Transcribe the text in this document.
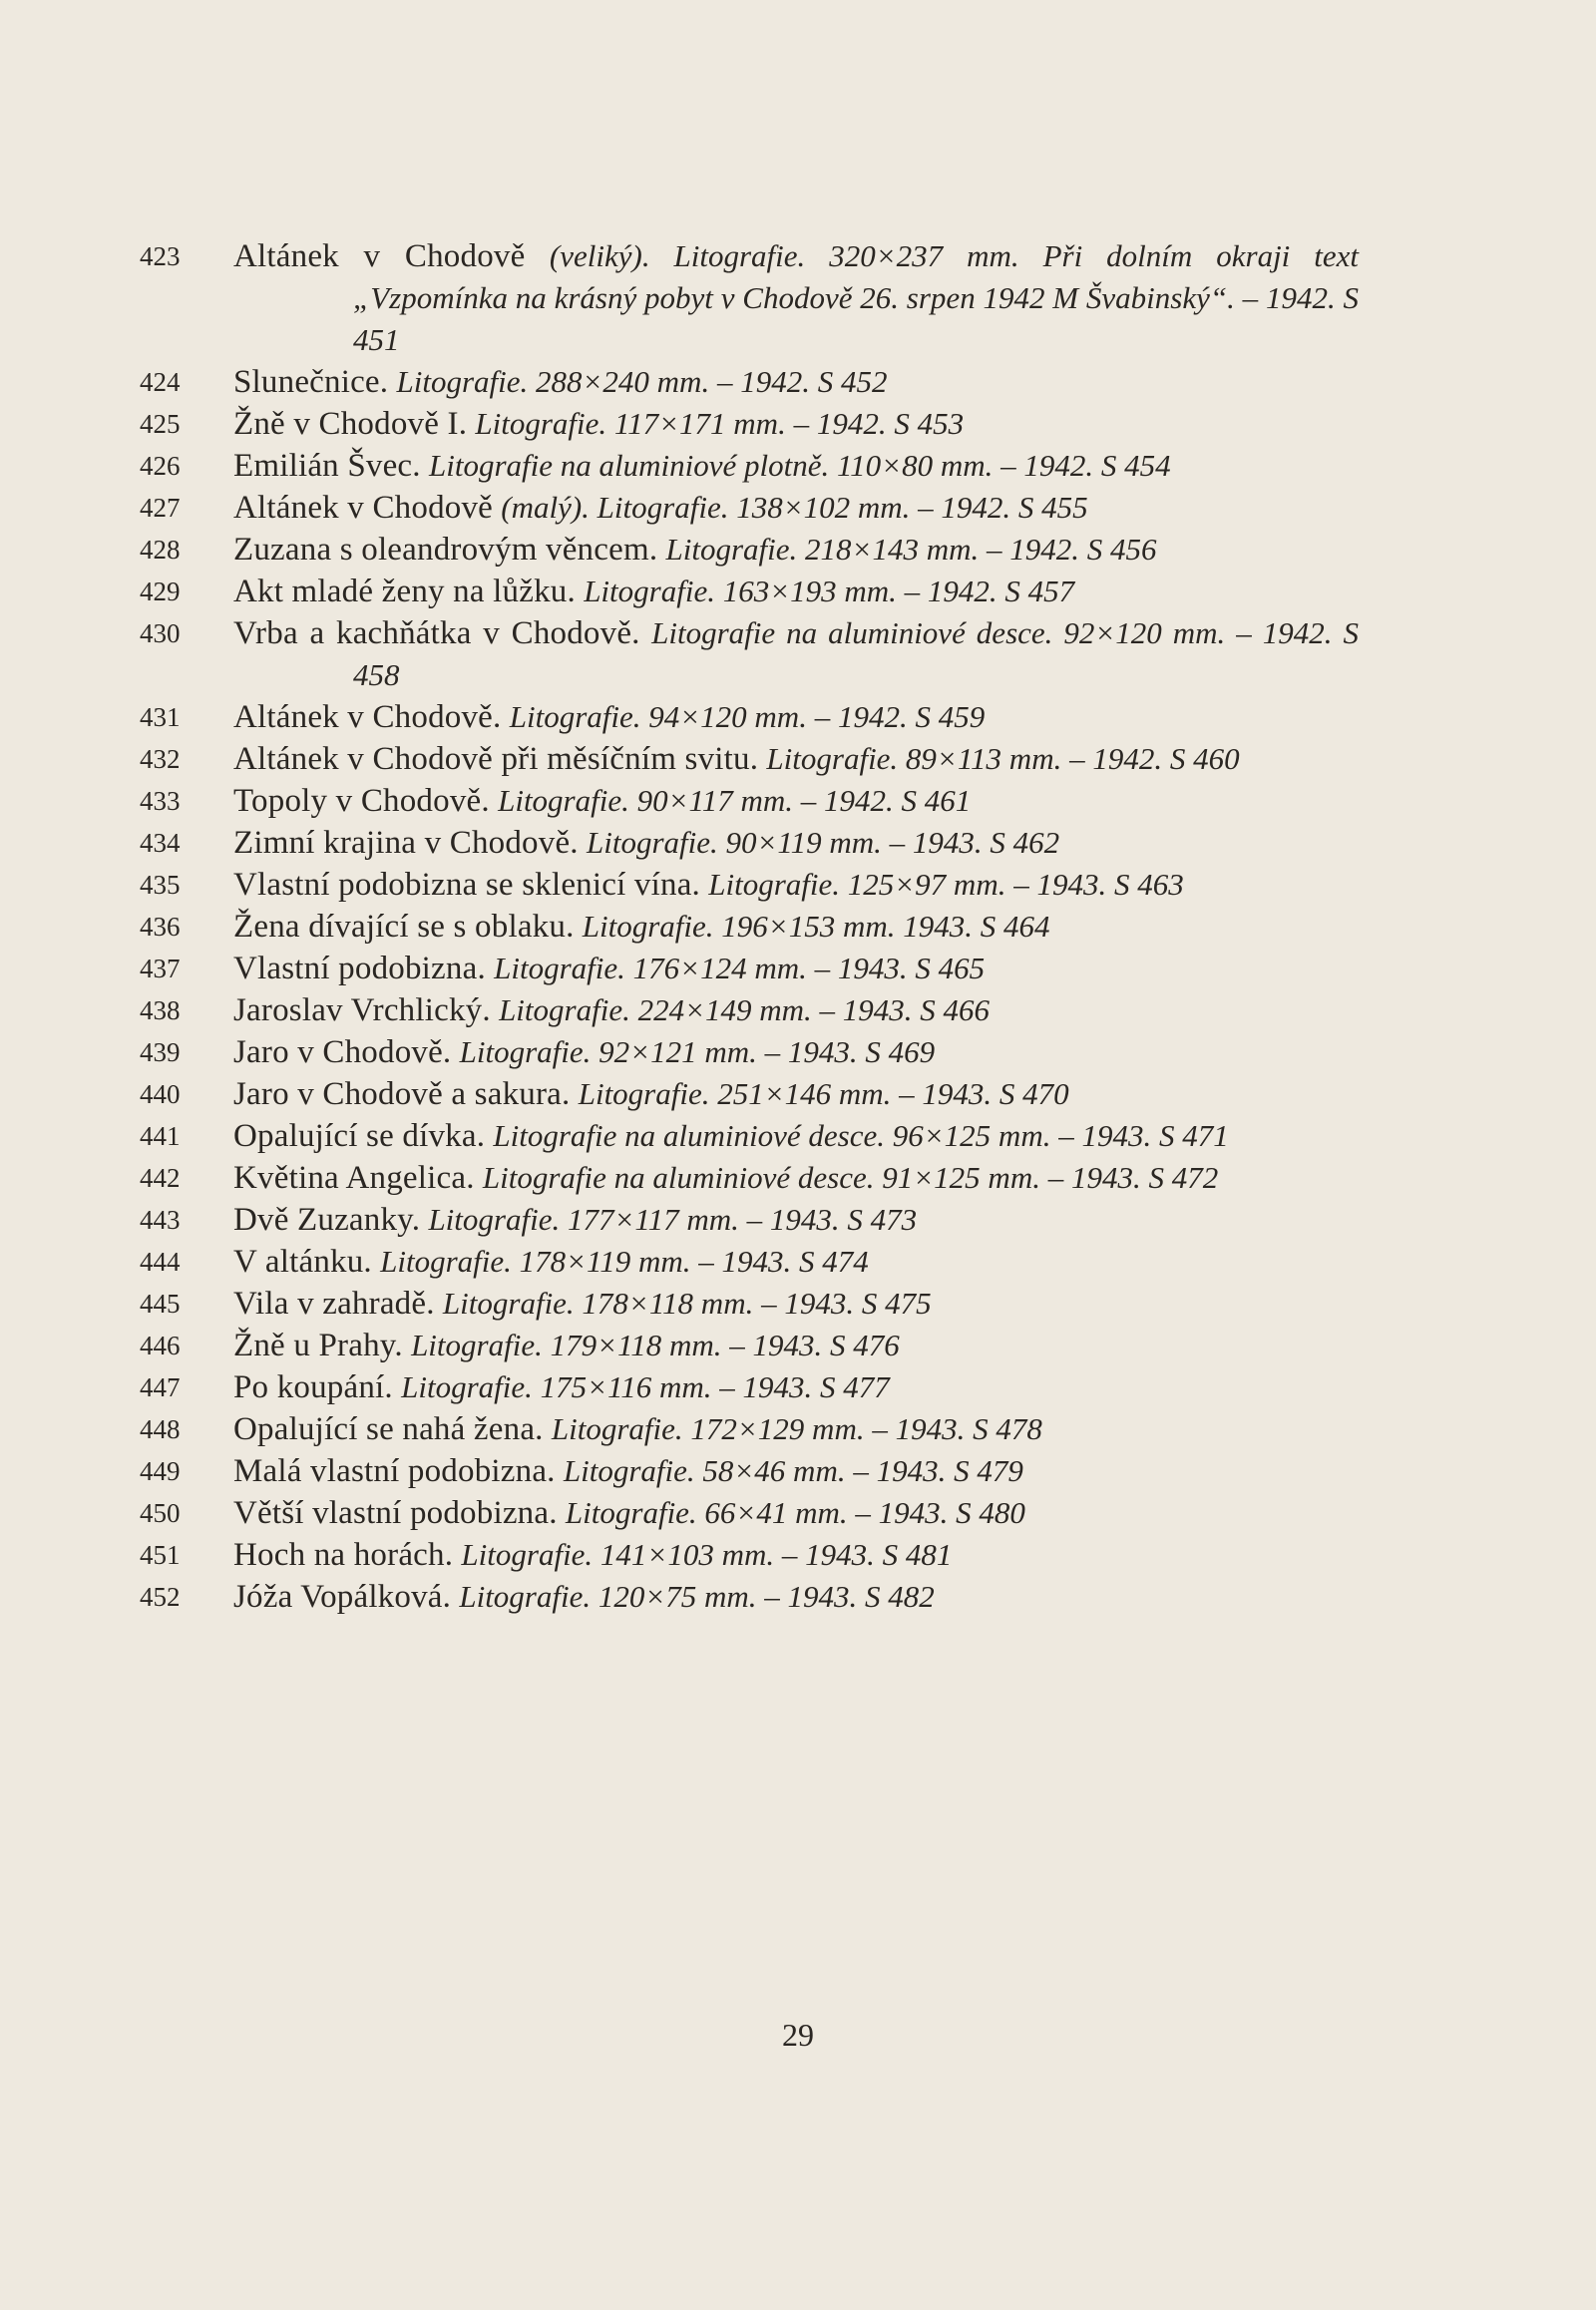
423	Altánek v Chodově (veliký). Litografie. 320×237 mm. Při dolním okraji text „Vzpomínka na krásný pobyt v Chodově 26. srpen 1942 M Švabinský“. – 1942. S 451
424	Slunečnice. Litografie. 288×240 mm. – 1942. S 452
425	Žně v Chodově I. Litografie. 117×171 mm. – 1942. S 453
426	Emilián Švec. Litografie na aluminiové plotně. 110×80 mm. – 1942. S 454
427	Altánek v Chodově (malý). Litografie. 138×102 mm. – 1942. S 455
428	Zuzana s oleandrovým věncem. Litografie. 218×143 mm. – 1942. S 456
429	Akt mladé ženy na lůžku. Litografie. 163×193 mm. – 1942. S 457
430	Vrba a kachňátka v Chodově. Litografie na aluminiové desce. 92×120 mm. – 1942. S 458
431	Altánek v Chodově. Litografie. 94×120 mm. – 1942. S 459
432	Altánek v Chodově při měsíčním svitu. Litografie. 89×113 mm. – 1942. S 460
433	Topoly v Chodově. Litografie. 90×117 mm. – 1942. S 461
434	Zimní krajina v Chodově. Litografie. 90×119 mm. – 1943. S 462
435	Vlastní podobizna se sklenicí vína. Litografie. 125×97 mm. – 1943. S 463
436	Žena dívající se s oblaku. Litografie. 196×153 mm. 1943. S 464
437	Vlastní podobizna. Litografie. 176×124 mm. – 1943. S 465
438	Jaroslav Vrchlický. Litografie. 224×149 mm. – 1943. S 466
439	Jaro v Chodově. Litografie. 92×121 mm. – 1943. S 469
440	Jaro v Chodově a sakura. Litografie. 251×146 mm. – 1943. S 470
441	Opalující se dívka. Litografie na aluminiové desce. 96×125 mm. – 1943. S 471
442	Květina Angelica. Litografie na aluminiové desce. 91×125 mm. – 1943. S 472
443	Dvě Zuzanky. Litografie. 177×117 mm. – 1943. S 473
444	V altánku. Litografie. 178×119 mm. – 1943. S 474
445	Vila v zahradě. Litografie. 178×118 mm. – 1943. S 475
446	Žně u Prahy. Litografie. 179×118 mm. – 1943. S 476
447	Po koupání. Litografie. 175×116 mm. – 1943. S 477
448	Opalující se nahá žena. Litografie. 172×129 mm. – 1943. S 478
449	Malá vlastní podobizna. Litografie. 58×46 mm. – 1943. S 479
450	Větší vlastní podobizna. Litografie. 66×41 mm. – 1943. S 480
451	Hoch na horách. Litografie. 141×103 mm. – 1943. S 481
452	Jóža Vopálková. Litografie. 120×75 mm. – 1943. S 482
29
